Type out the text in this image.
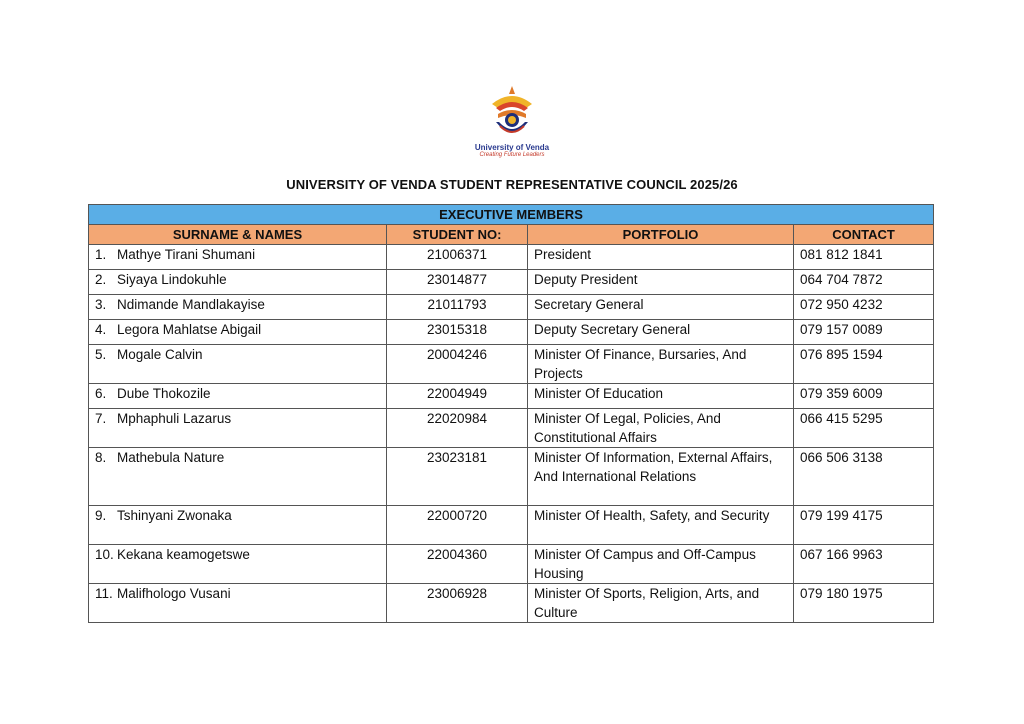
University of Venda
Creating Future Leaders
UNIVERSITY OF VENDA STUDENT REPRESENTATIVE COUNCIL 2025/26
EXECUTIVE MEMBERS			
SURNAME & NAMES	STUDENT NO:	PORTFOLIO	CONTACT
1. Mathye Tirani Shumani	21006371	President	081 812 1841
2. Siyaya Lindokuhle	23014877	Deputy President	064 704 7872
3. Ndimande Mandlakayise	21011793	Secretary General	072 950 4232
4. Legora Mahlatse Abigail	23015318	Deputy Secretary General	079 157 0089
5. Mogale Calvin	20004246	Minister Of Finance, Bursaries, And Projects	076 895 1594
6. Dube Thokozile	22004949	Minister Of Education	079 359 6009
7. Mphaphuli Lazarus	22020984	Minister Of Legal, Policies, And Constitutional Affairs	066 415 5295
8. Mathebula Nature	23023181	Minister Of Information, External Affairs, And International Relations	066 506 3138
9. Tshinyani Zwonaka	22000720	Minister Of Health, Safety, and Security	079 199 4175
10. Kekana keamogetswe	22004360	Minister Of Campus and Off-Campus Housing	067 166 9963
11. Malifhologo Vusani	23006928	Minister Of Sports, Religion, Arts, and Culture	079 180 1975
